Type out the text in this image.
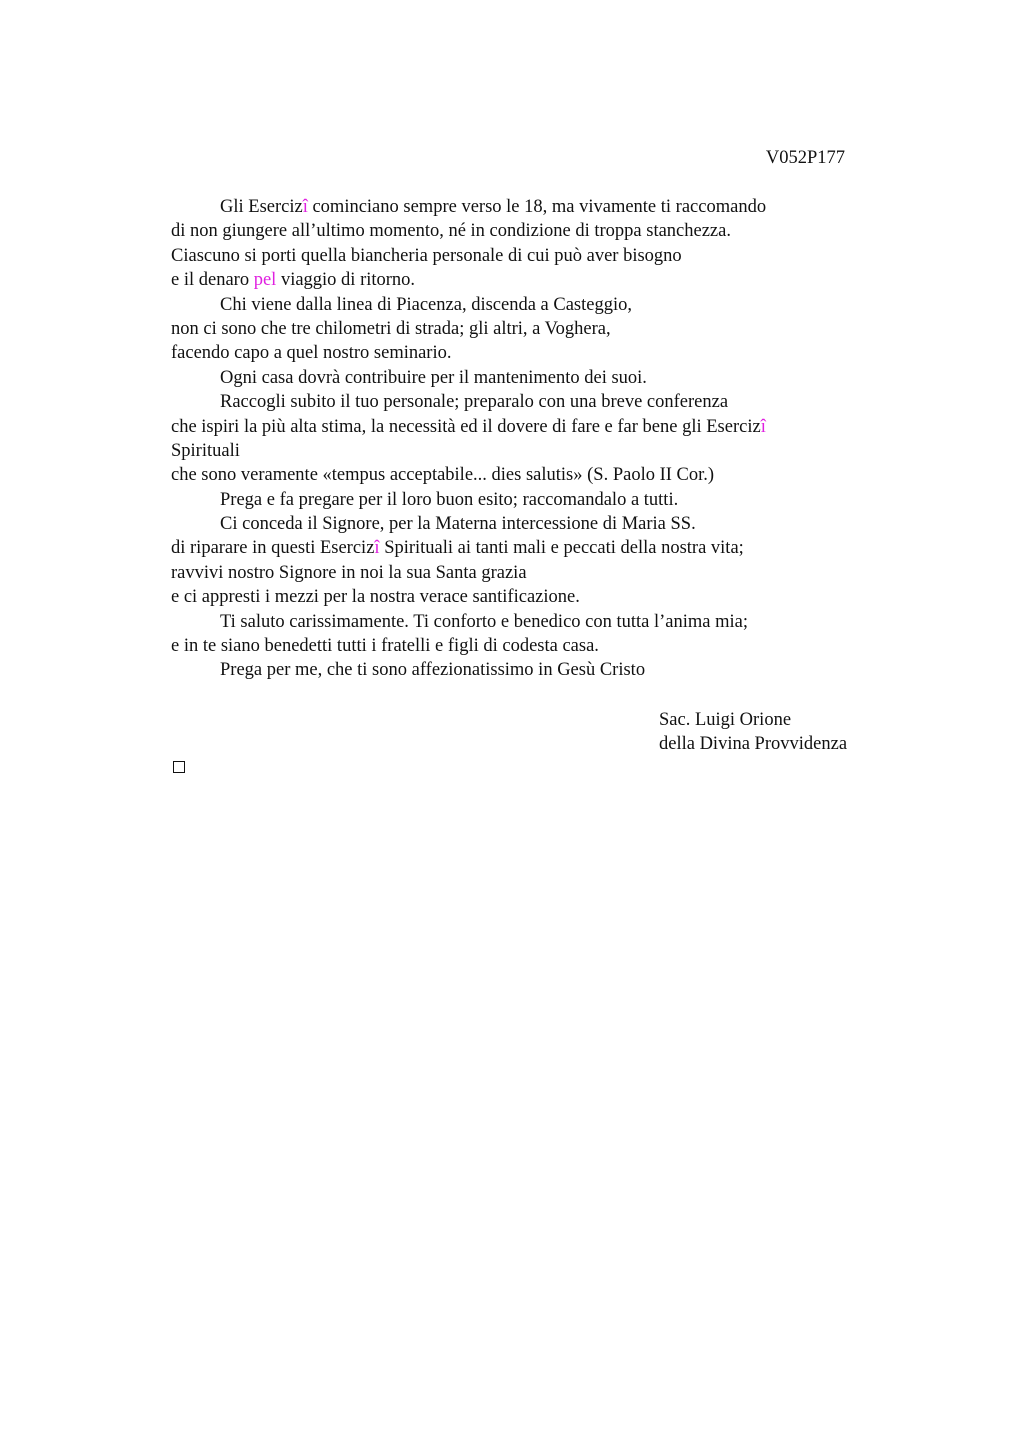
V052P177
Gli Esercizî cominciano sempre verso le 18, ma vivamente ti raccomando
di non giungere all’ultimo momento, né in condizione di troppa stanchezza.
Ciascuno si porti quella biancheria personale di cui può aver bisogno
e il denaro pel viaggio di ritorno.
Chi viene dalla linea di Piacenza, discenda a Casteggio,
non ci sono che tre chilometri di strada; gli altri, a Voghera,
facendo capo a quel nostro seminario.
Ogni casa dovrà contribuire per il mantenimento dei suoi.
Raccogli subito il tuo personale; preparalo con una breve conferenza
che ispiri la più alta stima, la necessità ed il dovere di fare e far bene gli Esercizî
Spirituali
che sono veramente «tempus acceptabile... dies salutis» (S. Paolo II Cor.)
Prega e fa pregare per il loro buon esito; raccomandalo a tutti.
Ci conceda il Signore, per la Materna intercessione di Maria SS.
di riparare in questi Esercizî Spirituali ai tanti mali e peccati della nostra vita;
ravvivi nostro Signore in noi la sua Santa grazia
e ci appresti i mezzi per la nostra verace santificazione.
Ti saluto carissimamente. Ti conforto e benedico con tutta l’anima mia;
e in te siano benedetti tutti i fratelli e figli di codesta casa.
Prega per me, che ti sono affezionatissimo in Gesù Cristo
Sac. Luigi Orione
della Divina Provvidenza
